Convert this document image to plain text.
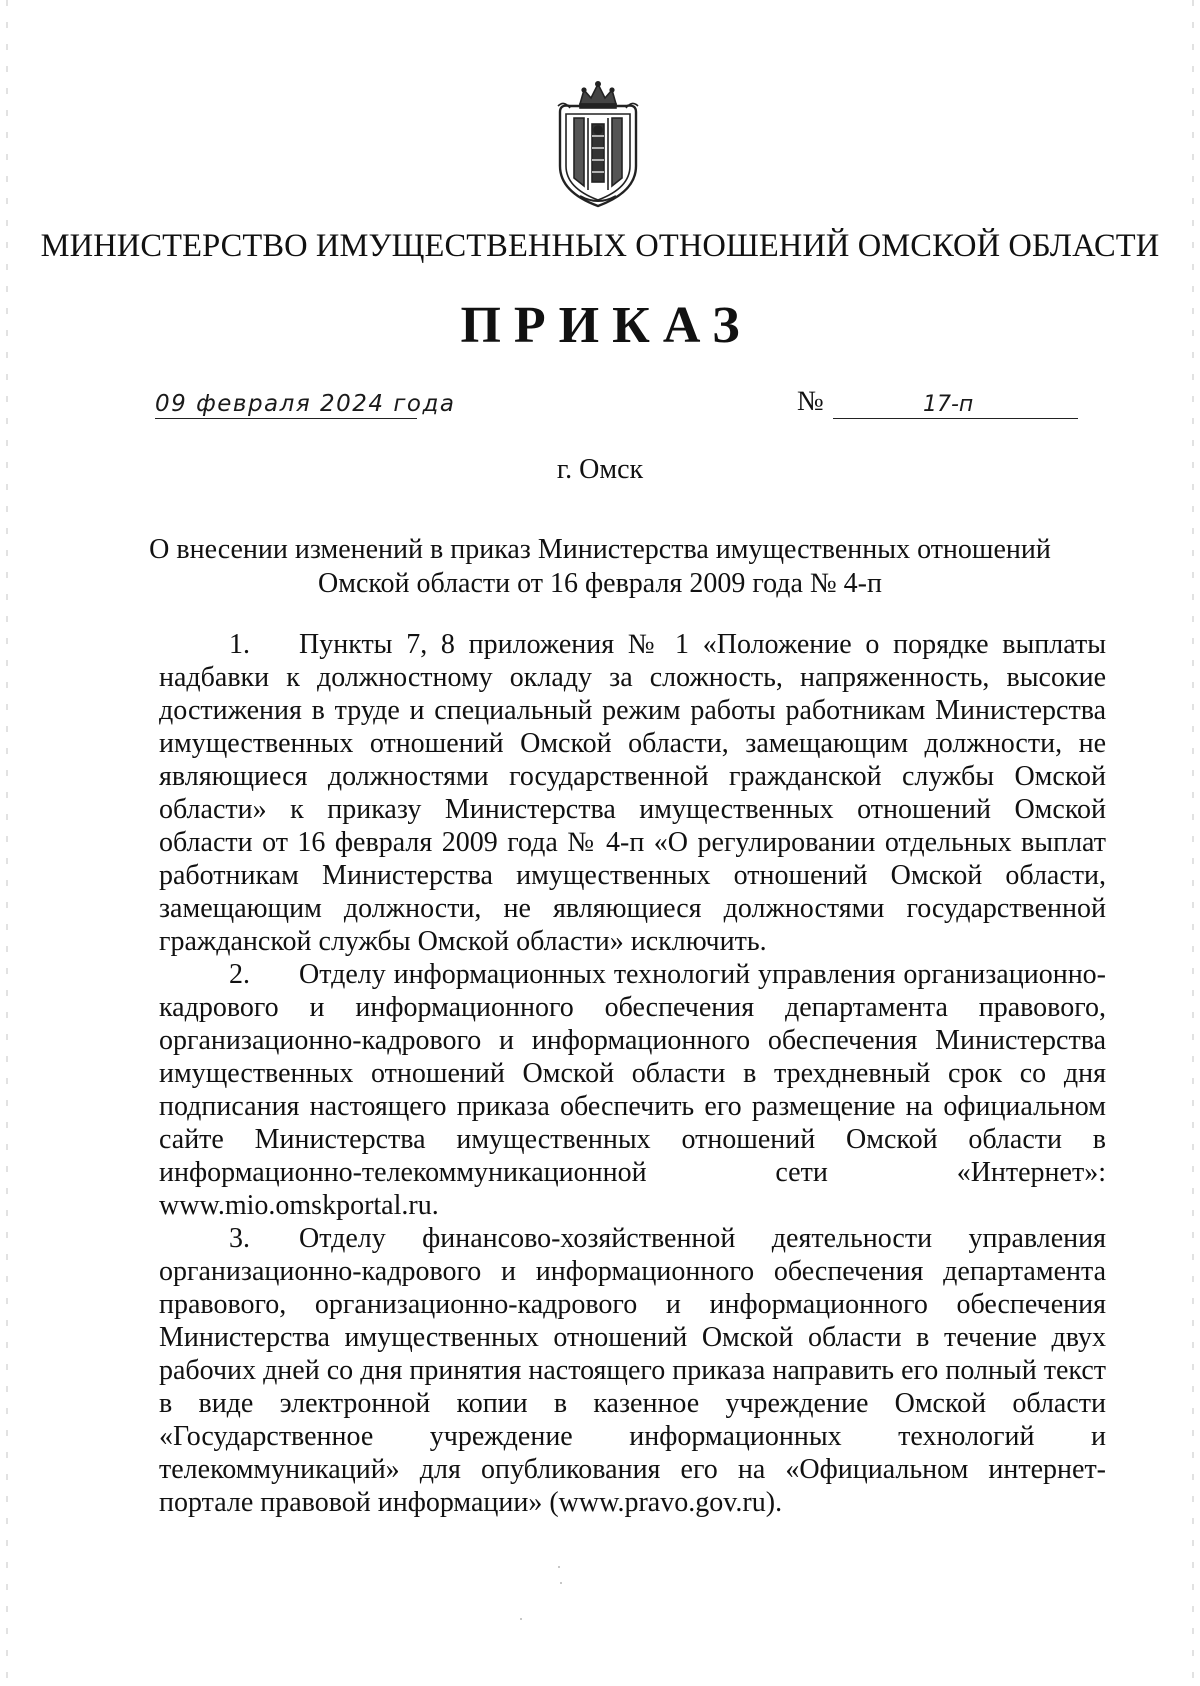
МИНИСТЕРСТВО ИМУЩЕСТВЕННЫХ ОТНОШЕНИЙ ОМСКОЙ ОБЛАСТИ
ПРИКАЗ
09 февраля 2024 года	№	17-п
г. Омск
О внесении изменений в приказ Министерства имущественных отношений
Омской области от 16 февраля 2009 года № 4-п

1. Пункты 7, 8 приложения № 1 «Положение о порядке выплаты надбавки к должностному окладу за сложность, напряженность, высокие достижения в труде и специальный режим работы работникам Министерства имущественных отношений Омской области, замещающим должности, не являющиеся должностями государственной гражданской службы Омской области» к приказу Министерства имущественных отношений Омской области от 16 февраля 2009 года № 4-п «О регулировании отдельных выплат работникам Министерства имущественных отношений Омской области, замещающим должности, не являющиеся должностями государственной гражданской службы Омской области» исключить.

2. Отделу информационных технологий управления организационно-кадрового и информационного обеспечения департамента правового, организационно-кадрового и информационного обеспечения Министерства имущественных отношений Омской области в трехдневный срок со дня подписания настоящего приказа обеспечить его размещение на официальном сайте Министерства имущественных отношений Омской области в информационно-телекоммуникационной сети «Интернет»: www.mio.omskportal.ru.

3. Отделу финансово-хозяйственной деятельности управления организационно-кадрового и информационного обеспечения департамента правового, организационно-кадрового и информационного обеспечения Министерства имущественных отношений Омской области в течение двух рабочих дней со дня принятия настоящего приказа направить его полный текст в виде электронной копии в казенное учреждение Омской области «Государственное учреждение информационных технологий и телекоммуникаций» для опубликования его на «Официальном интернет-портале правовой информации» (www.pravo.gov.ru).
